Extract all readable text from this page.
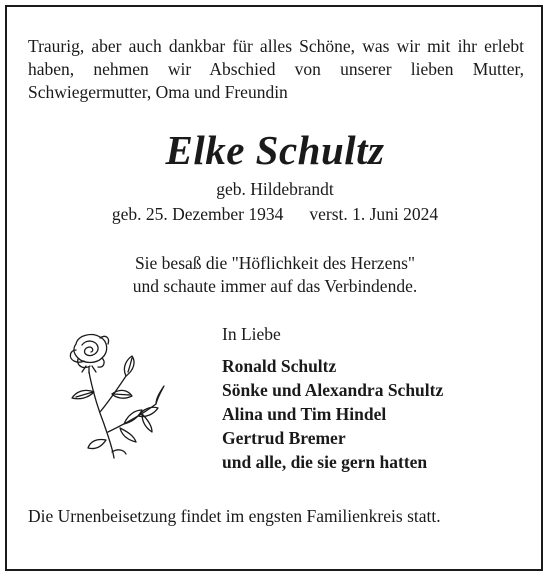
Traurig, aber auch dankbar für alles Schöne, was wir mit ihr erlebt haben, nehmen wir Abschied von unserer lieben Mutter, Schwiegermutter, Oma und Freundin

Elke Schultz

geb. Hildebrandt

geb. 25. Dezember 1934 verst. 1. Juni 2024

Sie besaß die "Höflichkeit des Herzens"
und schaute immer auf das Verbindende.

In Liebe

Ronald Schultz
Sönke und Alexandra Schultz
Alina und Tim Hindel
Gertrud Bremer
und alle, die sie gern hatten

Die Urnenbeisetzung findet im engsten Familienkreis statt.
